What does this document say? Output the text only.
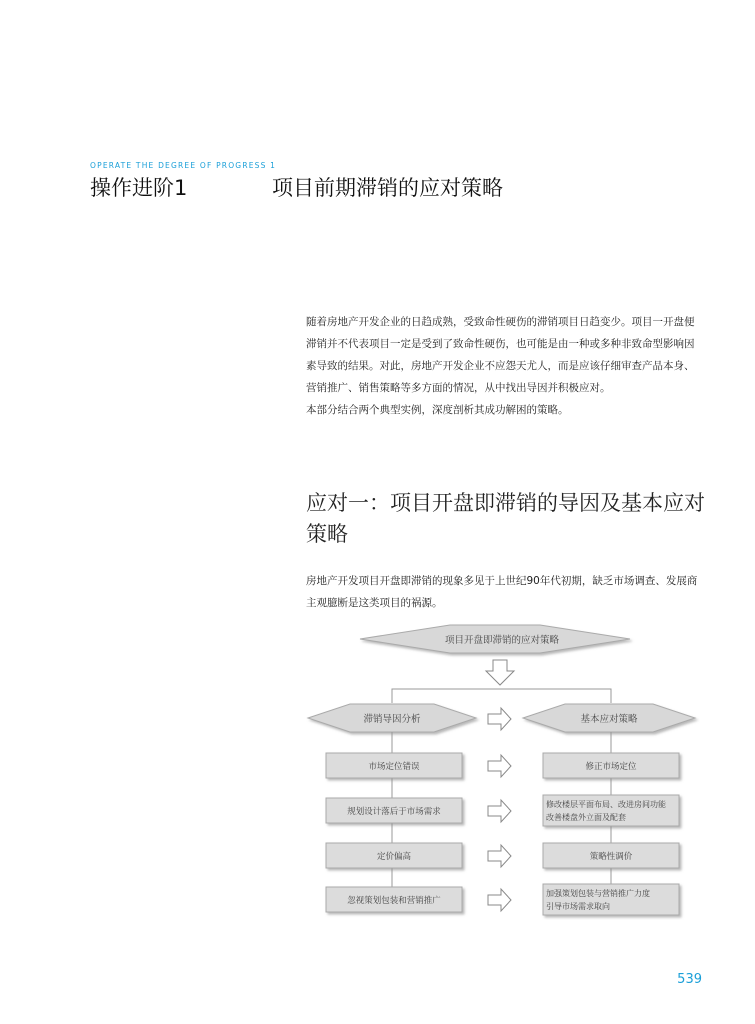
OPERATE THE DEGREE OF PROGRESS 1
操作进阶1	项目前期滞销的应对策略

随着房地产开发企业的日趋成熟，受致命性硬伤的滞销项目日趋变少。项目一开盘便滞销并不代表项目一定是受到了致命性硬伤，也可能是由一种或多种非致命型影响因素导致的结果。对此，房地产开发企业不应怨天尤人，而是应该仔细审查产品本身、营销推广、销售策略等多方面的情况，从中找出导因并积极应对。

本部分结合两个典型实例，深度剖析其成功解困的策略。

应对一：项目开盘即滞销的导因及基本应对策略
房地产开发项目开盘即滞销的现象多见于上世纪90年代初期，缺乏市场调查、发展商主观臆断是这类项目的祸源。
项目开盘即滞销的应对策略
滞销导因分析	基本应对策略
市场定位错误
规划设计落后于市场需求
定价偏高
忽视策划包装和营销推广
修正市场定位
修改楼层平面布局、改进房间功能
改善楼盘外立面及配套
策略性调价
加强策划包装与营销推广力度
引导市场需求取向
539
